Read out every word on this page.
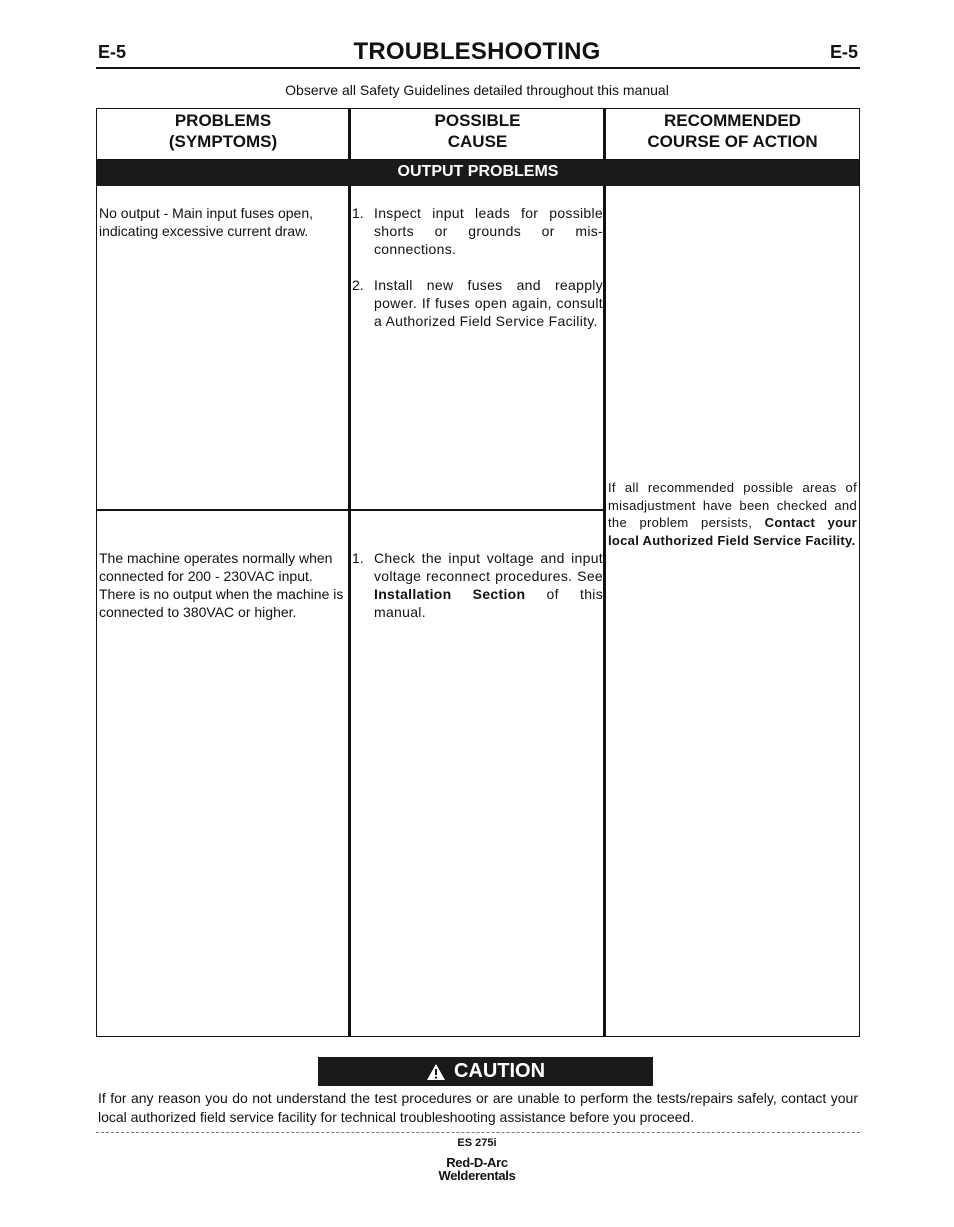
E-5	TROUBLESHOOTING	E-5
Observe all Safety Guidelines detailed throughout this manual
PROBLEMS
(SYMPTOMS)
POSSIBLE
CAUSE
RECOMMENDED
COURSE OF ACTION
OUTPUT PROBLEMS
No output - Main input fuses open, indicating excessive current draw.
1. Inspect input leads for possible shorts or grounds or mis-connections.
2. Install new fuses and reapply power. If fuses open again, consult a Authorized Field Service Facility.
The machine operates normally when connected for 200 - 230VAC input. There is no output when the machine is connected to 380VAC or higher.
1. Check the input voltage and input voltage reconnect procedures. See Installation Section of this manual.
If all recommended possible areas of misadjustment have been checked and the problem persists, Contact your local Authorized Field Service Facility.
CAUTION
If for any reason you do not understand the test procedures or are unable to perform the tests/repairs safely, contact your local authorized field service facility for technical troubleshooting assistance before you proceed.
ES 275i
Red-D-Arc
Welderentals
